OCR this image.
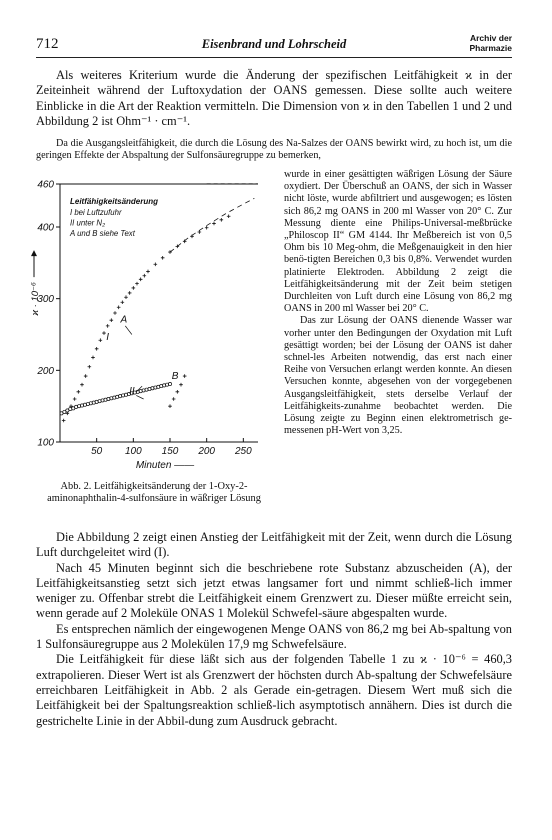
712	Eisenbrand und Lohrscheid	Archiv der
Pharmazie

Als weiteres Kriterium wurde die Änderung der spezifischen Leitfähigkeit ϰ in der Zeiteinheit während der Luftoxydation der OANS gemessen. Diese sollte auch weitere Einblicke in die Art der Reaktion vermitteln. Die Dimension von ϰ in den Tabellen 1 und 2 und Abbildung 2 ist Ohm⁻¹ · cm⁻¹.

Da die Ausgangsleitfähigkeit, die durch die Lösung des Na-Salzes der OANS bewirkt wird, zu hoch ist, um die geringen Effekte der Abspaltung der Sulfonsäuregruppe zu bemerken,

100
200
300
400
460
50 100 150 200 250
Minuten ——
ϰ · 10⁻⁶
Leitfähigkeitsänderung
I bei Luftzufuhr
II unter N₂
A und B siehe Text
I
A
B
II
Abb. 2. Leitfähigkeitsänderung der 1-Oxy-2-aminonaphthalin-4-sulfonsäure in wäßriger Lösung

wurde in einer gesättigten wäßrigen Lösung der Säure oxydiert. Der Überschuß an OANS, der sich in Wasser nicht löste, wurde abfiltriert und ausgewogen; es lösten sich 86,2 mg OANS in 200 ml Wasser von 20° C. Zur Messung diente eine Philips-Universal-meßbrücke „Philoscop II“ GM 4144. Ihr Meßbereich ist von 0,5 Ohm bis 10 Meg-ohm, die Meßgenauigkeit in den hier benö-tigten Bereichen 0,3 bis 0,8%. Verwendet wurden platinierte Elektroden. Abbildung 2 zeigt die Leitfähigkeitsänderung mit der Zeit beim stetigen Durchleiten von Luft durch eine Lösung von 86,2 mg OANS in 200 ml Wasser bei 20° C.

Das zur Lösung der OANS dienende Wasser war vorher unter den Bedingungen der Oxydation mit Luft gesättigt worden; bei der Lösung der OANS ist daher schnel-les Arbeiten notwendig, das erst nach einer Reihe von Versuchen erlangt werden konnte. An diesen Versuchen konnte, abgesehen von der vorgegebenen Ausgangsleitfähigkeit, stets derselbe Verlauf der Leitfähigkeits-zunahme beobachtet werden. Die Lösung zeigte zu Beginn einen elektrometrisch ge-messenen pH-Wert von 3,25.

Die Abbildung 2 zeigt einen Anstieg der Leitfähigkeit mit der Zeit, wenn durch die Lösung Luft durchgeleitet wird (I).

Nach 45 Minuten beginnt sich die beschriebene rote Substanz abzuscheiden (A), der Leitfähigkeitsanstieg setzt sich jetzt etwas langsamer fort und nimmt schließ-lich immer weniger zu. Offenbar strebt die Leitfähigkeit einem Grenzwert zu. Dieser müßte erreicht sein, wenn gerade auf 2 Moleküle ONAS 1 Molekül Schwefel-säure abgespalten wurde.

Es entsprechen nämlich der eingewogenen Menge OANS von 86,2 mg bei Ab-spaltung von 1 Sulfonsäuregruppe aus 2 Molekülen 17,9 mg Schwefelsäure.

Die Leitfähigkeit für diese läßt sich aus der folgenden Tabelle 1 zu ϰ · 10⁻⁶ = 460,3 extrapolieren. Dieser Wert ist als Grenzwert der höchsten durch Ab-spaltung der Schwefelsäure erreichbaren Leitfähigkeit in Abb. 2 als Gerade ein-getragen. Diesem Wert muß sich die Leitfähigkeit bei der Spaltungsreaktion schließ-lich asymptotisch annähern. Dies ist durch die gestrichelte Linie in der Abbil-dung zum Ausdruck gebracht.
